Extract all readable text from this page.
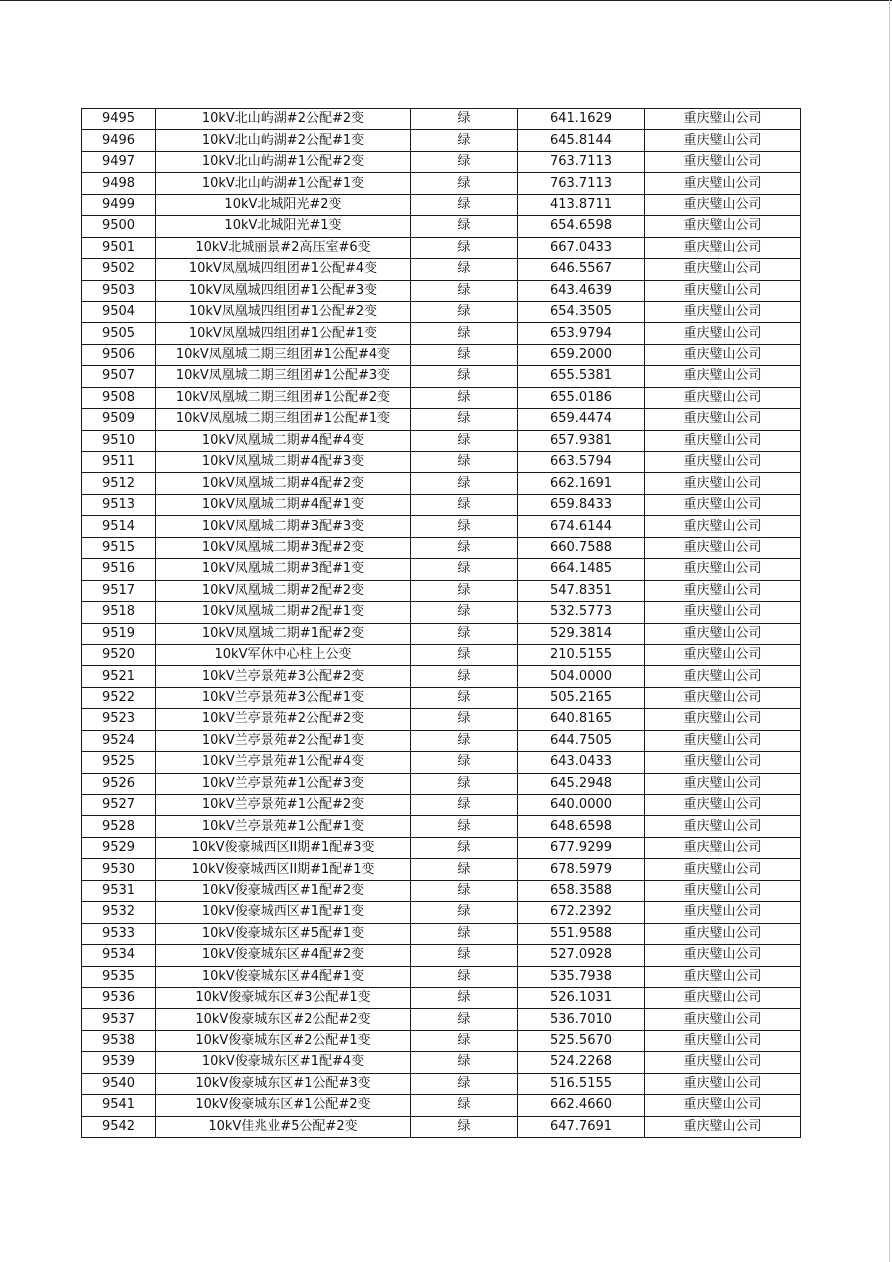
9495	10kV北山屿湖#2公配#2变	绿	641.1629	重庆璧山公司
9496	10kV北山屿湖#2公配#1变	绿	645.8144	重庆璧山公司
9497	10kV北山屿湖#1公配#2变	绿	763.7113	重庆璧山公司
9498	10kV北山屿湖#1公配#1变	绿	763.7113	重庆璧山公司
9499	10kV北城阳光#2变	绿	413.8711	重庆璧山公司
9500	10kV北城阳光#1变	绿	654.6598	重庆璧山公司
9501	10kV北城丽景#2高压室#6变	绿	667.0433	重庆璧山公司
9502	10kV凤凰城四组团#1公配#4变	绿	646.5567	重庆璧山公司
9503	10kV凤凰城四组团#1公配#3变	绿	643.4639	重庆璧山公司
9504	10kV凤凰城四组团#1公配#2变	绿	654.3505	重庆璧山公司
9505	10kV凤凰城四组团#1公配#1变	绿	653.9794	重庆璧山公司
9506	10kV凤凰城二期三组团#1公配#4变	绿	659.2000	重庆璧山公司
9507	10kV凤凰城二期三组团#1公配#3变	绿	655.5381	重庆璧山公司
9508	10kV凤凰城二期三组团#1公配#2变	绿	655.0186	重庆璧山公司
9509	10kV凤凰城二期三组团#1公配#1变	绿	659.4474	重庆璧山公司
9510	10kV凤凰城二期#4配#4变	绿	657.9381	重庆璧山公司
9511	10kV凤凰城二期#4配#3变	绿	663.5794	重庆璧山公司
9512	10kV凤凰城二期#4配#2变	绿	662.1691	重庆璧山公司
9513	10kV凤凰城二期#4配#1变	绿	659.8433	重庆璧山公司
9514	10kV凤凰城二期#3配#3变	绿	674.6144	重庆璧山公司
9515	10kV凤凰城二期#3配#2变	绿	660.7588	重庆璧山公司
9516	10kV凤凰城二期#3配#1变	绿	664.1485	重庆璧山公司
9517	10kV凤凰城二期#2配#2变	绿	547.8351	重庆璧山公司
9518	10kV凤凰城二期#2配#1变	绿	532.5773	重庆璧山公司
9519	10kV凤凰城二期#1配#2变	绿	529.3814	重庆璧山公司
9520	10kV军休中心柱上公变	绿	210.5155	重庆璧山公司
9521	10kV兰亭景苑#3公配#2变	绿	504.0000	重庆璧山公司
9522	10kV兰亭景苑#3公配#1变	绿	505.2165	重庆璧山公司
9523	10kV兰亭景苑#2公配#2变	绿	640.8165	重庆璧山公司
9524	10kV兰亭景苑#2公配#1变	绿	644.7505	重庆璧山公司
9525	10kV兰亭景苑#1公配#4变	绿	643.0433	重庆璧山公司
9526	10kV兰亭景苑#1公配#3变	绿	645.2948	重庆璧山公司
9527	10kV兰亭景苑#1公配#2变	绿	640.0000	重庆璧山公司
9528	10kV兰亭景苑#1公配#1变	绿	648.6598	重庆璧山公司
9529	10kV俊豪城西区II期#1配#3变	绿	677.9299	重庆璧山公司
9530	10kV俊豪城西区II期#1配#1变	绿	678.5979	重庆璧山公司
9531	10kV俊豪城西区#1配#2变	绿	658.3588	重庆璧山公司
9532	10kV俊豪城西区#1配#1变	绿	672.2392	重庆璧山公司
9533	10kV俊豪城东区#5配#1变	绿	551.9588	重庆璧山公司
9534	10kV俊豪城东区#4配#2变	绿	527.0928	重庆璧山公司
9535	10kV俊豪城东区#4配#1变	绿	535.7938	重庆璧山公司
9536	10kV俊豪城东区#3公配#1变	绿	526.1031	重庆璧山公司
9537	10kV俊豪城东区#2公配#2变	绿	536.7010	重庆璧山公司
9538	10kV俊豪城东区#2公配#1变	绿	525.5670	重庆璧山公司
9539	10kV俊豪城东区#1配#4变	绿	524.2268	重庆璧山公司
9540	10kV俊豪城东区#1公配#3变	绿	516.5155	重庆璧山公司
9541	10kV俊豪城东区#1公配#2变	绿	662.4660	重庆璧山公司
9542	10kV佳兆业#5公配#2变	绿	647.7691	重庆璧山公司
